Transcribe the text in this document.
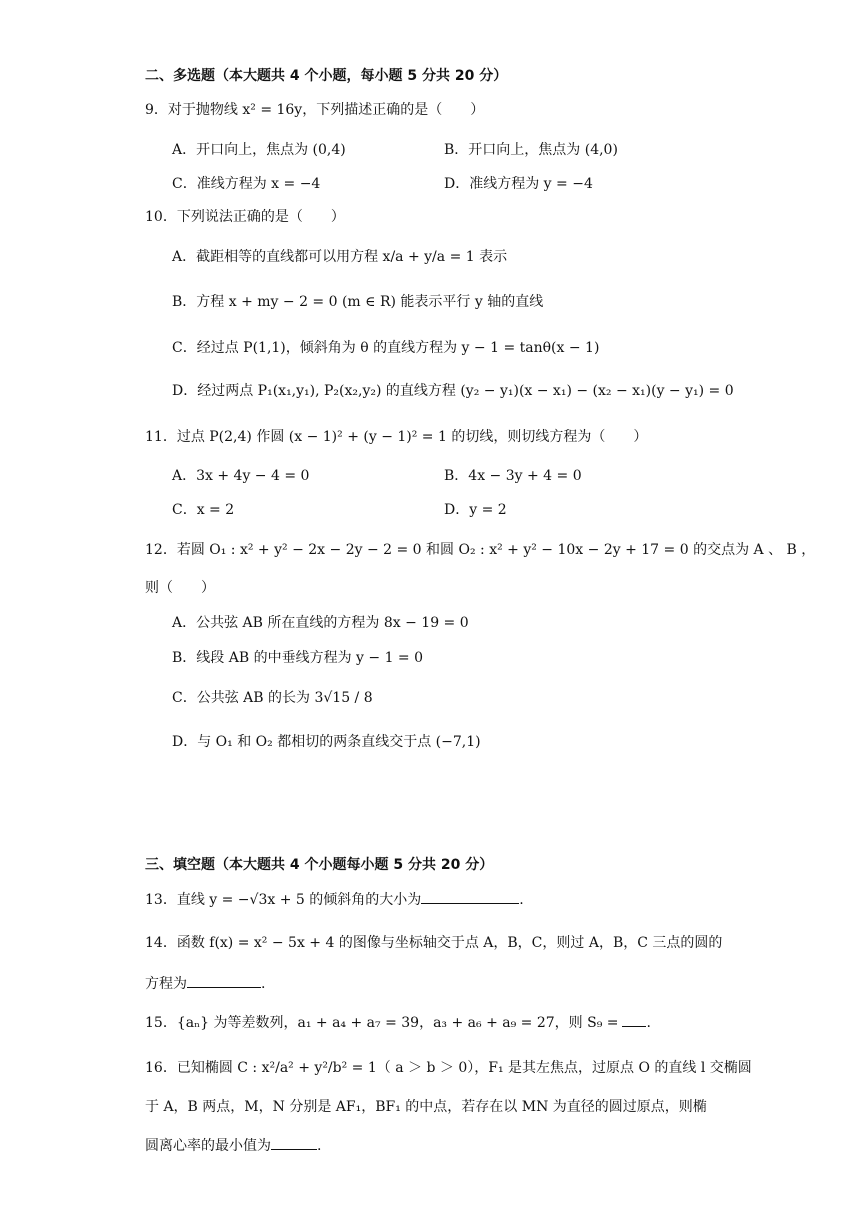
二、多选题（本大题共 4 个小题，每小题 5 分共 20 分）
9．对于抛物线 x² = 16y，下列描述正确的是（　　）
A．开口向上，焦点为 (0,4)	B．开口向上，焦点为 (4,0)
C．准线方程为 x = −4	D．准线方程为 y = −4
10．下列说法正确的是（　　）
A．截距相等的直线都可以用方程 x/a + y/a = 1 表示
B．方程 x + my − 2 = 0 (m ∈ R) 能表示平行 y 轴的直线
C．经过点 P(1,1)，倾斜角为 θ 的直线方程为 y − 1 = tanθ(x − 1)
D．经过两点 P₁(x₁,y₁), P₂(x₂,y₂) 的直线方程 (y₂ − y₁)(x − x₁) − (x₂ − x₁)(y − y₁) = 0
11．过点 P(2,4) 作圆 (x − 1)² + (y − 1)² = 1 的切线，则切线方程为（　　）
A．3x + 4y − 4 = 0	B．4x − 3y + 4 = 0
C．x = 2	D．y = 2
12．若圆 O₁ : x² + y² − 2x − 2y − 2 = 0 和圆 O₂ : x² + y² − 10x − 2y + 17 = 0 的交点为 A 、 B ，
则（　　）
A．公共弦 AB 所在直线的方程为 8x − 19 = 0
B．线段 AB 的中垂线方程为 y − 1 = 0
C．公共弦 AB 的长为 3√15 / 8
D．与 O₁ 和 O₂ 都相切的两条直线交于点 (−7,1)
三、填空题（本大题共 4 个小题每小题 5 分共 20 分）
13．直线 y = −√3x + 5 的倾斜角的大小为	.
14．函数 f(x) = x² − 5x + 4 的图像与坐标轴交于点 A，B，C，则过 A，B，C 三点的圆的
方程为	.
15．{aₙ} 为等差数列，a₁ + a₄ + a₇ = 39，a₃ + a₆ + a₉ = 27，则 S₉ = .
16．已知椭圆 C : x²/a² + y²/b² = 1（ a ＞ b ＞ 0），F₁ 是其左焦点，过原点 O 的直线 l 交椭圆
于 A，B 两点，M，N 分别是 AF₁，BF₁ 的中点，若存在以 MN 为直径的圆过原点，则椭
圆离心率的最小值为	.
